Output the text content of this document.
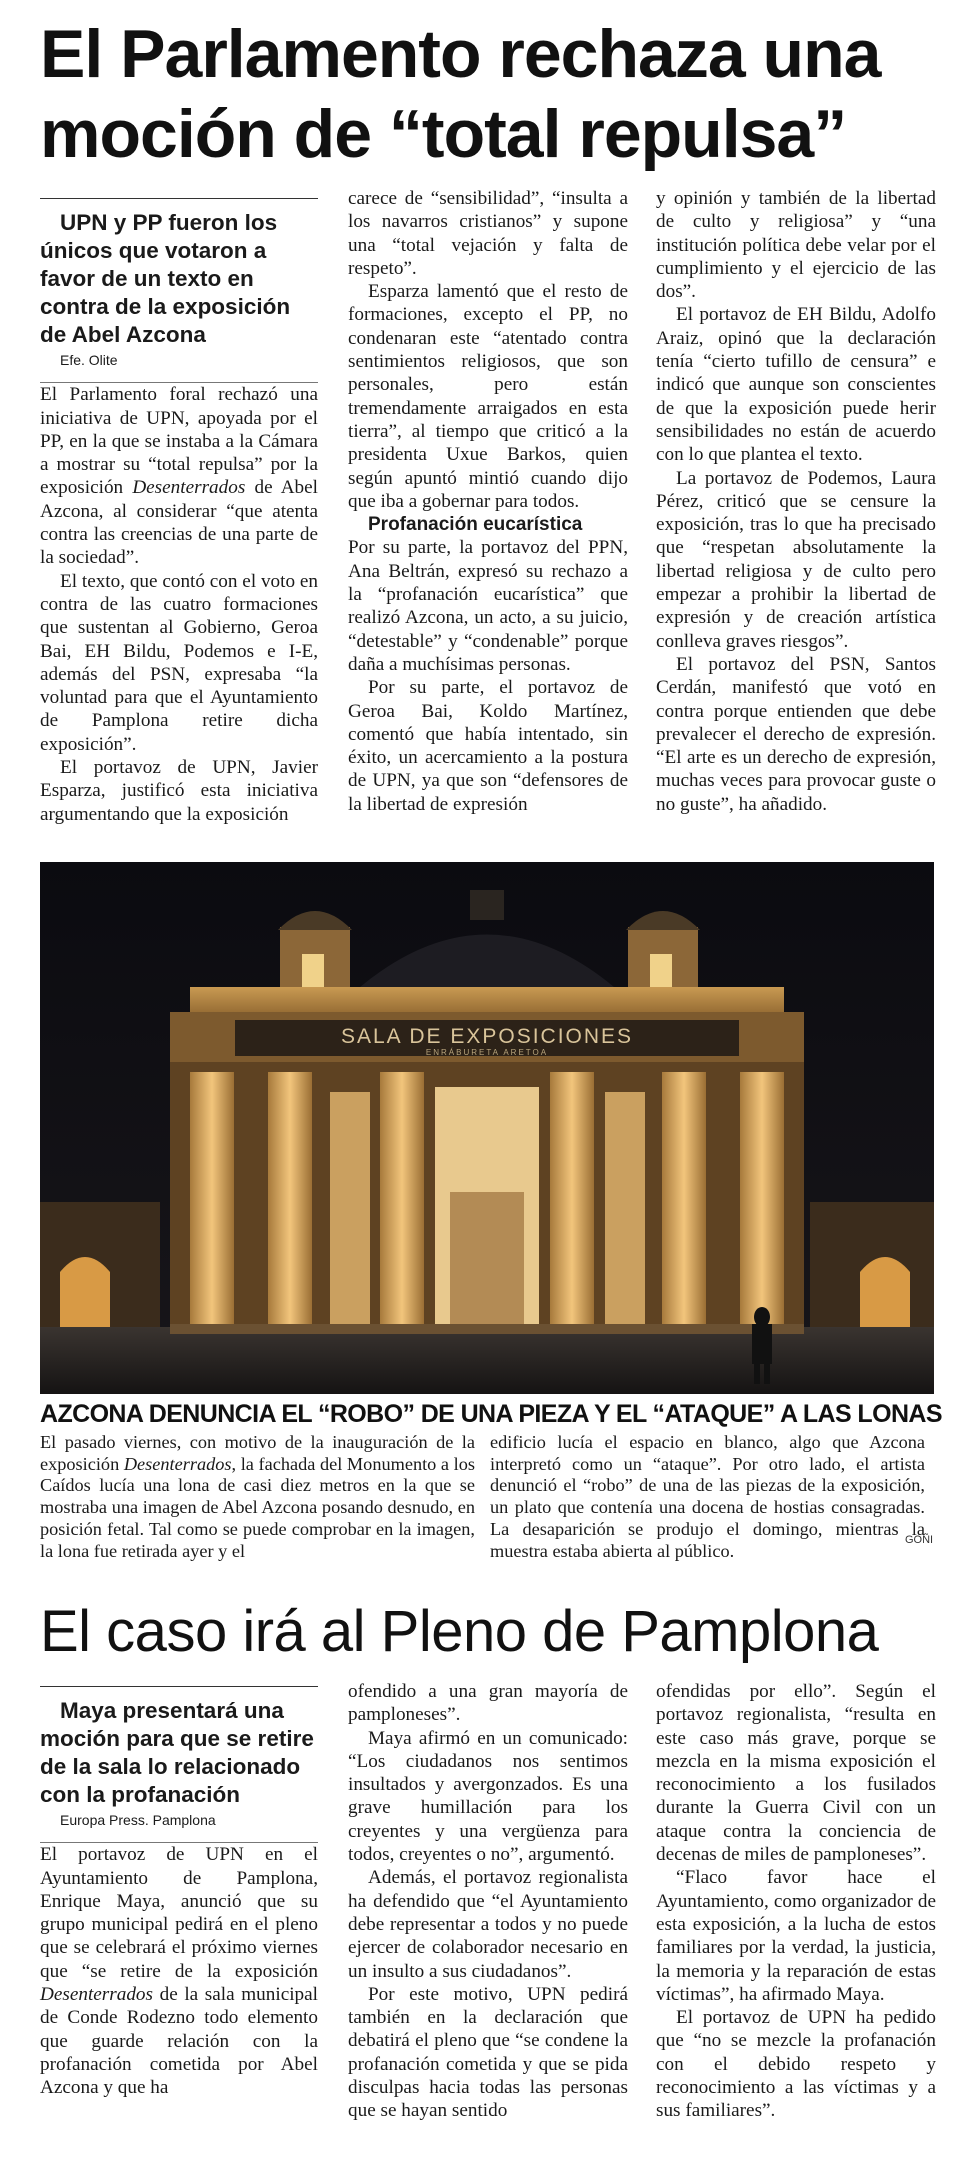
El Parlamento rechaza una moción de “total repulsa”

UPN y PP fueron los únicos que votaron a favor de un texto en contra de la exposición de Abel Azcona

Efe. Olite

El Parlamento foral rechazó una iniciativa de UPN, apoyada por el PP, en la que se instaba a la Cámara a mostrar su “total repulsa” por la exposición Desenterrados de Abel Azcona, al considerar “que atenta contra las creencias de una parte de la sociedad”.

El texto, que contó con el voto en contra de las cuatro formaciones que sustentan al Gobierno, Geroa Bai, EH Bildu, Podemos e I-E, además del PSN, expresaba “la voluntad para que el Ayuntamiento de Pamplona retire dicha exposición”.

El portavoz de UPN, Javier Esparza, justificó esta iniciativa argumentando que la exposición

carece de “sensibilidad”, “insulta a los navarros cristianos” y supone una “total vejación y falta de respeto”.

Esparza lamentó que el resto de formaciones, excepto el PP, no condenaran este “atentado contra sentimientos religiosos, que son personales, pero están tremendamente arraigados en esta tierra”, al tiempo que criticó a la presidenta Uxue Barkos, quien según apuntó mintió cuando dijo que iba a gobernar para todos.

Profanación eucarística

Por su parte, la portavoz del PPN, Ana Beltrán, expresó su rechazo a la “profanación eucarística” que realizó Azcona, un acto, a su juicio, “detestable” y “condenable” porque daña a muchísimas personas.

Por su parte, el portavoz de Geroa Bai, Koldo Martínez, comentó que había intentado, sin éxito, un acercamiento a la postura de UPN, ya que son “defensores de la libertad de expresión

y opinión y también de la libertad de culto y religiosa” y “una institución política debe velar por el cumplimiento y el ejercicio de las dos”.

El portavoz de EH Bildu, Adolfo Araiz, opinó que la declaración tenía “cierto tufillo de censura” e indicó que aunque son conscientes de que la exposición puede herir sensibilidades no están de acuerdo con lo que plantea el texto.

La portavoz de Podemos, Laura Pérez, criticó que se censure la exposición, tras lo que ha precisado que “respetan absolutamente la libertad religiosa y de culto pero empezar a prohibir la libertad de expresión y de creación artística conlleva graves riesgos”.

El portavoz del PSN, Santos Cerdán, manifestó que votó en contra porque entienden que debe prevalecer el derecho de expresión. “El arte es un derecho de expresión, muchas veces para provocar guste o no guste”, ha añadido.

SALA DE EXPOSICIONES
ENRÁBURETA ARETOA
AZCONA DENUNCIA EL “ROBO” DE UNA PIEZA Y EL “ATAQUE” A LAS LONAS
El pasado viernes, con motivo de la inauguración de la exposición Desenterrados, la fachada del Monumento a los Caídos lucía una lona de casi diez metros en la que se mostraba una imagen de Abel Azcona posando desnudo, en posición fetal. Tal como se puede comprobar en la imagen, la lona fue retirada ayer y el
edificio lucía el espacio en blanco, algo que Azcona interpretó como un “ataque”. Por otro lado, el artista denunció el “robo” de una de las piezas de la exposición, un plato que contenía una docena de hostias consagradas. La desaparición se produjo el domingo, mientras la muestra estaba abierta al público.
GOÑI
El caso irá al Pleno de Pamplona

Maya presentará una moción para que se retire de la sala lo relacionado con la profanación

Europa Press. Pamplona

El portavoz de UPN en el Ayuntamiento de Pamplona, Enrique Maya, anunció que su grupo municipal pedirá en el pleno que se celebrará el próximo viernes que “se retire de la exposición Desenterrados de la sala municipal de Conde Rodezno todo elemento que guarde relación con la profanación cometida por Abel Azcona y que ha

ofendido a una gran mayoría de pamploneses”.

Maya afirmó en un comunicado: “Los ciudadanos nos sentimos insultados y avergonzados. Es una grave humillación para los creyentes y una vergüenza para todos, creyentes o no”, argumentó.

Además, el portavoz regionalista ha defendido que “el Ayuntamiento debe representar a todos y no puede ejercer de colaborador necesario en un insulto a sus ciudadanos”.

Por este motivo, UPN pedirá también en la declaración que debatirá el pleno que “se condene la profanación cometida y que se pida disculpas hacia todas las personas que se hayan sentido

ofendidas por ello”. Según el portavoz regionalista, “resulta en este caso más grave, porque se mezcla en la misma exposición el reconocimiento a los fusilados durante la Guerra Civil con un ataque contra la conciencia de decenas de miles de pamploneses”.

“Flaco favor hace el Ayuntamiento, como organizador de esta exposición, a la lucha de estos familiares por la verdad, la justicia, la memoria y la reparación de estas víctimas”, ha afirmado Maya.

El portavoz de UPN ha pedido que “no se mezcle la profanación con el debido respeto y reconocimiento a las víctimas y a sus familiares”.
